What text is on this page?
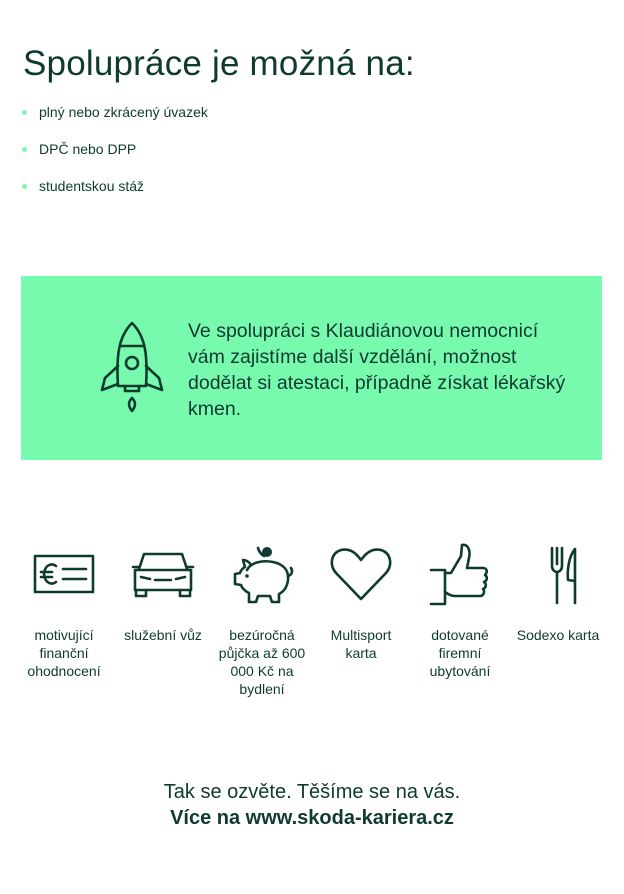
Spolupráce je možná na:
plný nebo zkrácený úvazek
DPČ nebo DPP
studentskou stáž
Ve spolupráci s Klaudiánovou nemocnicí vám zajistíme další vzdělání, možnost dodělat si atestaci, případně získat lékařský kmen.
motivující finanční ohodnocení
služební vůz	bezúročná půjčka až 600 000 Kč na bydlení
Multisport karta
dotované firemní ubytování
Sodexo karta
Tak se ozvěte. Těšíme se na vás.
Více na www.skoda-kariera.cz
